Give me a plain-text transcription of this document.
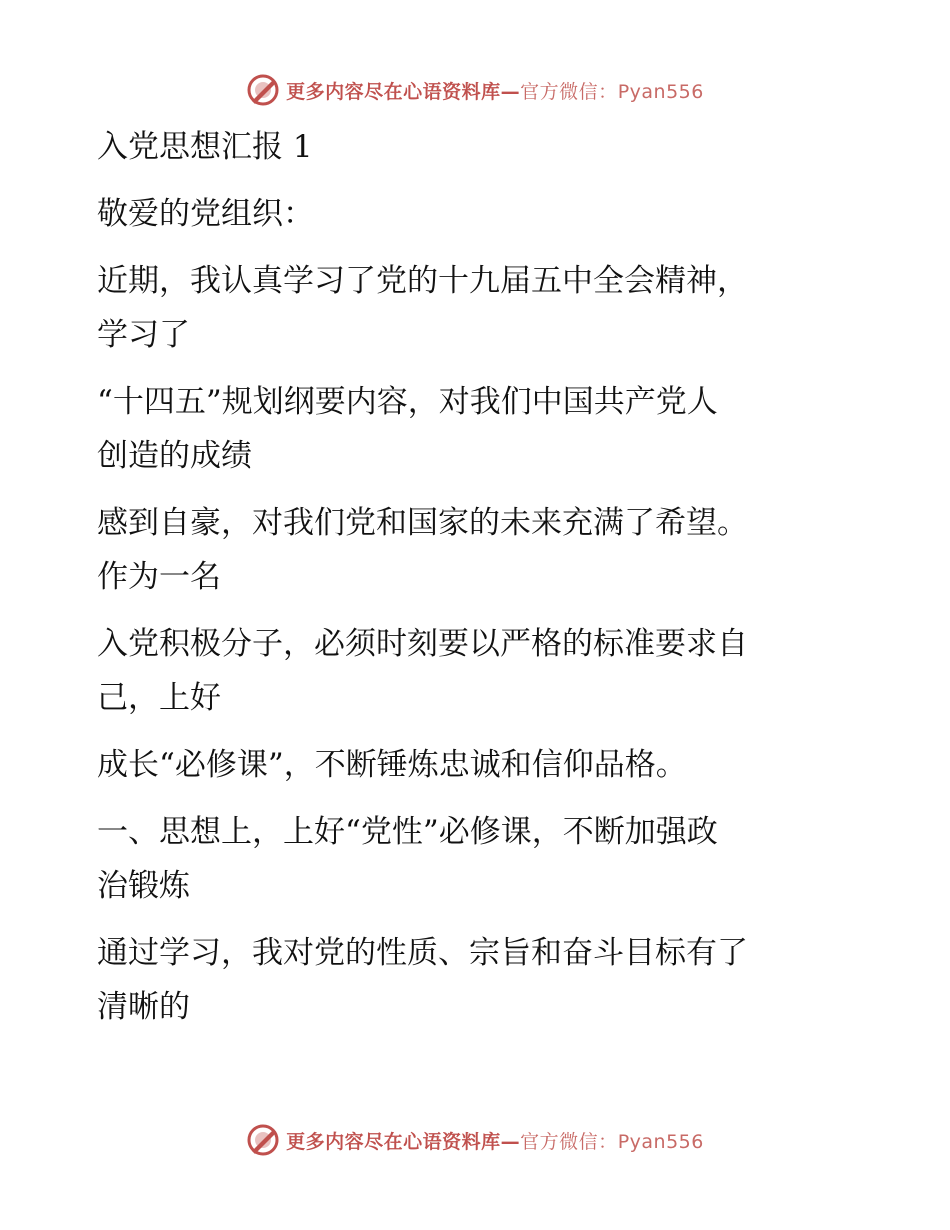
更多内容尽在心语资料库—官方微信：Pyan556

入党思想汇报 1

敬爱的党组织：

近期，我认真学习了党的十九届五中全会精神，

学习了

“十四五”规划纲要内容，对我们中国共产党人

创造的成绩

感到自豪，对我们党和国家的未来充满了希望。

作为一名

入党积极分子，必须时刻要以严格的标准要求自

己，上好

成长“必修课”，不断锤炼忠诚和信仰品格。

一、思想上，上好“党性”必修课，不断加强政

治锻炼

通过学习，我对党的性质、宗旨和奋斗目标有了

清晰的

更多内容尽在心语资料库—官方微信：Pyan556
